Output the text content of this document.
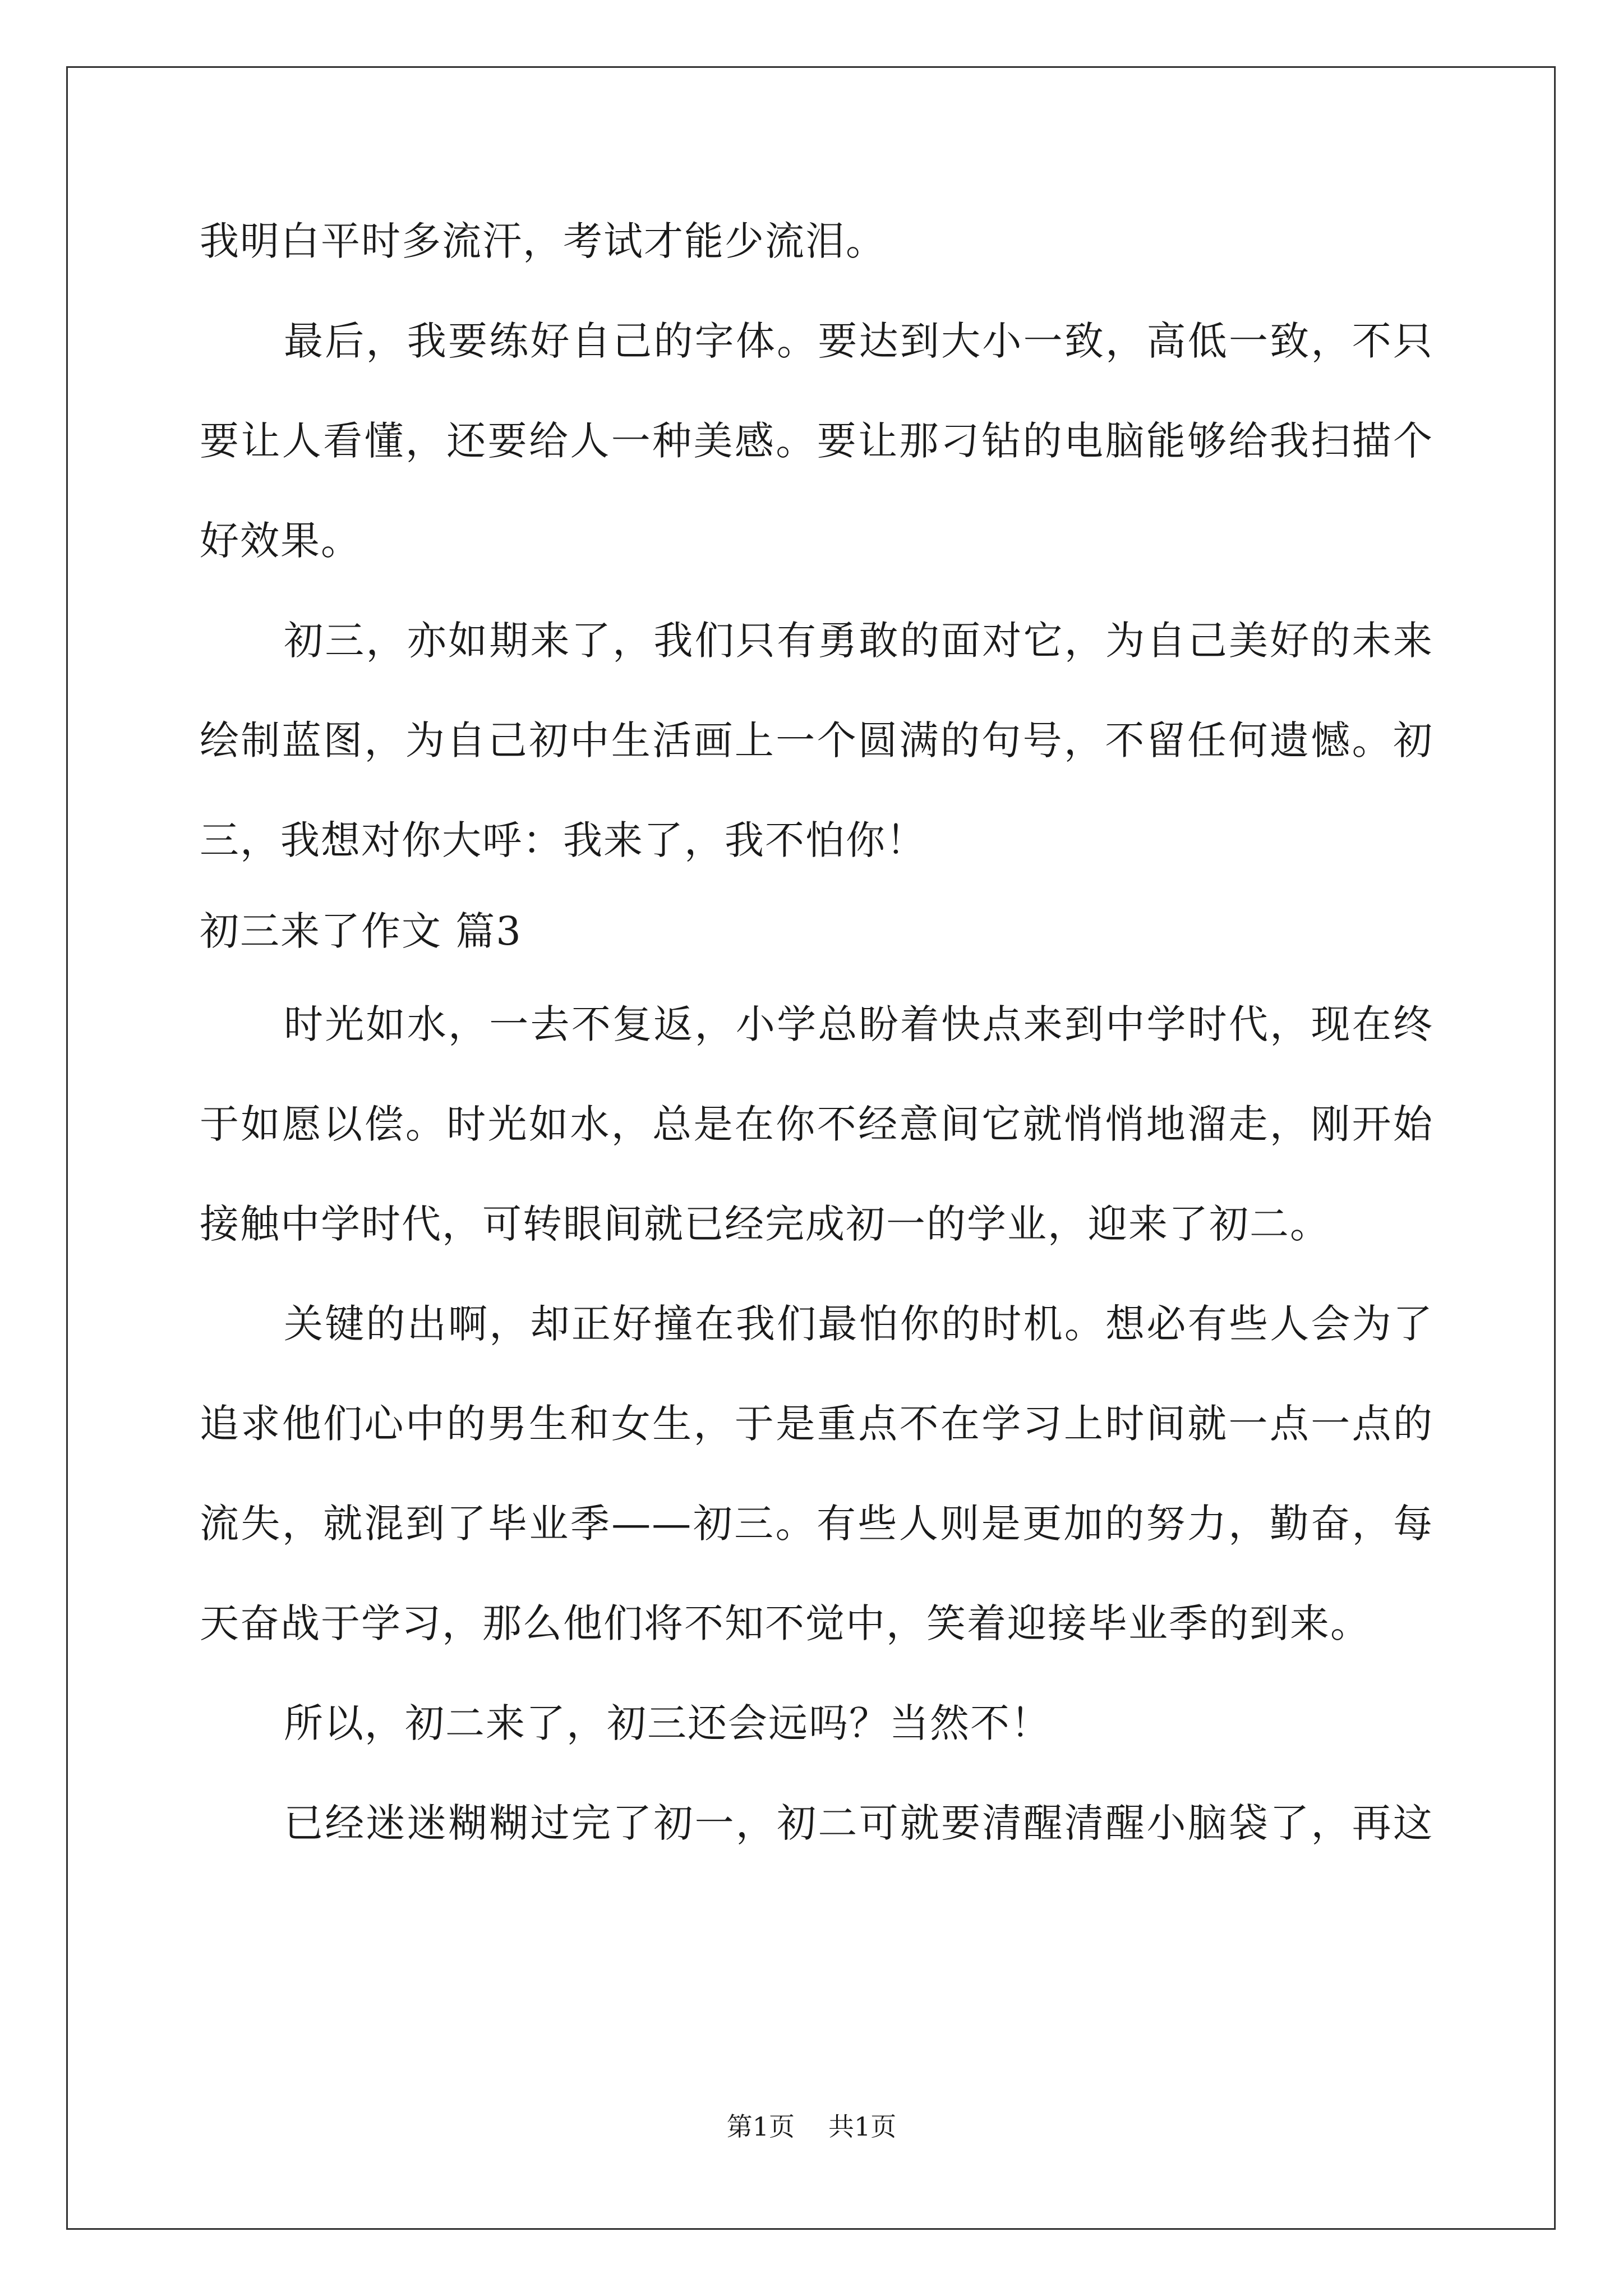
我明白平时多流汗，考试才能少流泪。
最后，我要练好自己的字体。要达到大小一致，高低一致，不只
要让人看懂，还要给人一种美感。要让那刁钻的电脑能够给我扫描个
好效果。
初三，亦如期来了，我们只有勇敢的面对它，为自己美好的未来
绘制蓝图，为自己初中生活画上一个圆满的句号，不留任何遗憾。初
三，我想对你大呼：我来了，我不怕你！
初三来了作文 篇3
时光如水，一去不复返，小学总盼着快点来到中学时代，现在终
于如愿以偿。时光如水，总是在你不经意间它就悄悄地溜走，刚开始
接触中学时代，可转眼间就已经完成初一的学业，迎来了初二。
关键的出啊，却正好撞在我们最怕你的时机。想必有些人会为了
追求他们心中的男生和女生，于是重点不在学习上时间就一点一点的
流失，就混到了毕业季——初三。有些人则是更加的努力，勤奋，每
天奋战于学习，那么他们将不知不觉中，笑着迎接毕业季的到来。
所以，初二来了，初三还会远吗？当然不！
已经迷迷糊糊过完了初一，初二可就要清醒清醒小脑袋了，再这
第1页 共1页
